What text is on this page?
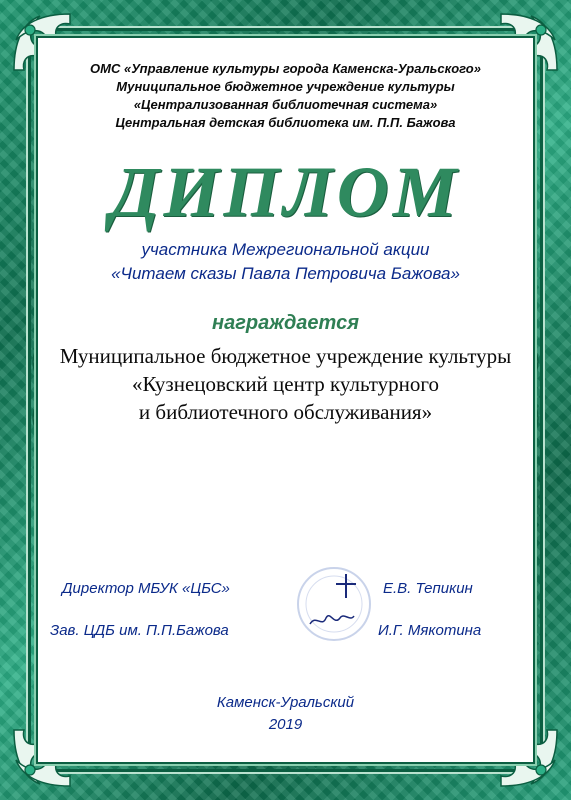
ОМС «Управление культуры города Каменска-Уральского»
Муниципальное бюджетное учреждение культуры
«Централизованная библиотечная система»
Центральная детская библиотека им. П.П. Бажова
ДИПЛОМ
участника Межрегиональной акции
«Читаем сказы Павла Петровича Бажова»
награждается
Муниципальное бюджетное учреждение культуры
«Кузнецовский центр культурного
и библиотечного обслуживания»
Директор МБУК «ЦБС»	Е.В. Тепикин
Зав. ЦДБ им. П.П.Бажова	И.Г. Мякотина
Каменск-Уральский
2019
